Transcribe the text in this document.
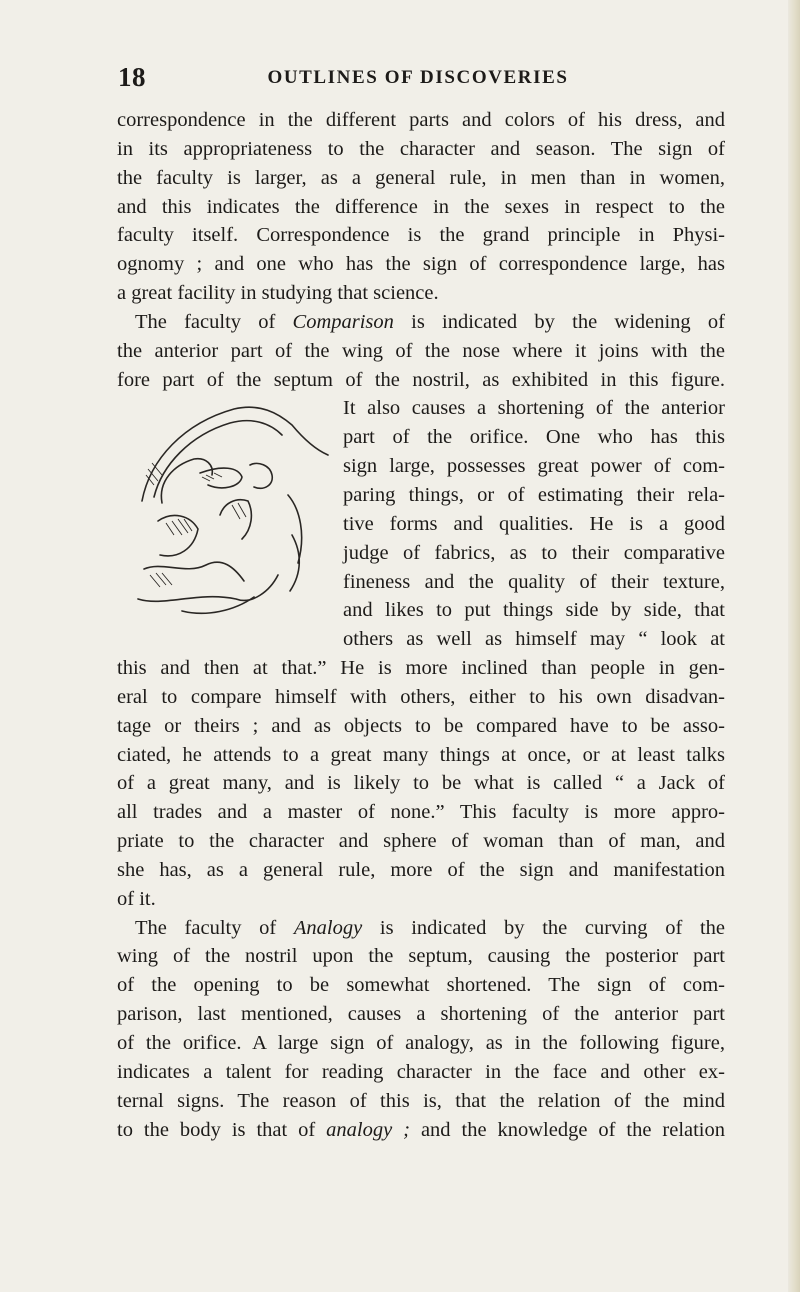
18	OUTLINES OF DISCOVERIES
correspondence in the different parts and colors of his dress, and
in its appropriateness to the character and season. The sign of
the faculty is larger, as a general rule, in men than in women,
and this indicates the difference in the sexes in respect to the
faculty itself. Correspondence is the grand principle in Physi-
ognomy ; and one who has the sign of correspondence large, has
a great facility in studying that science.
The faculty of Comparison is indicated by the widening of
the anterior part of the wing of the nose where it joins with the
fore part of the septum of the nostril, as exhibited in this figure.
It also causes a shortening of the anterior
part of the orifice. One who has this
sign large, possesses great power of com-
paring things, or of estimating their rela-
tive forms and qualities. He is a good
judge of fabrics, as to their comparative
fineness and the quality of their texture,
and likes to put things side by side, that
others as well as himself may “ look at
this and then at that.” He is more inclined than people in gen-
eral to compare himself with others, either to his own disadvan-
tage or theirs ; and as objects to be compared have to be asso-
ciated, he attends to a great many things at once, or at least talks
of a great many, and is likely to be what is called “ a Jack of
all trades and a master of none.” This faculty is more appro-
priate to the character and sphere of woman than of man, and
she has, as a general rule, more of the sign and manifestation
of it.
The faculty of Analogy is indicated by the curving of the
wing of the nostril upon the septum, causing the posterior part
of the opening to be somewhat shortened. The sign of com-
parison, last mentioned, causes a shortening of the anterior part
of the orifice. A large sign of analogy, as in the following figure,
indicates a talent for reading character in the face and other ex-
ternal signs. The reason of this is, that the relation of the mind
to the body is that of analogy ; and the knowledge of the relation
